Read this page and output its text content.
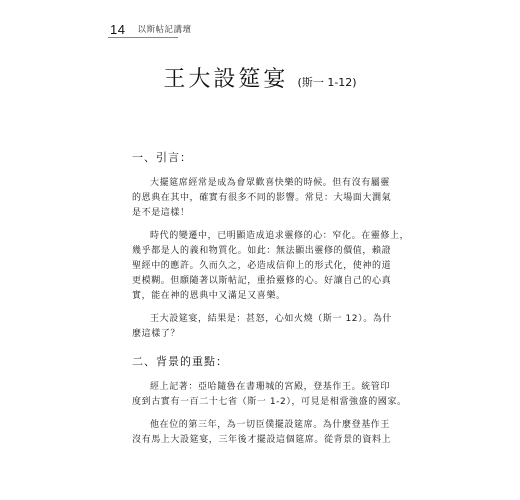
14 以斯帖記講壇
王大設筵宴 (斯一 1-12)
一、引言：

大擺筵席經常是成為會眾歡喜快樂的時候。但有沒有屬靈
的恩典在其中，確實有很多不同的影響。常見：大場面大澗氣
是不是這樣！

時代的變遷中，已明顯造成追求靈修的心：窄化。在靈修上，
幾乎都是人的義和物質化。如此：無法顯出靈修的價值，賴證
聖經中的應許。久而久之，必造成信仰上的形式化，使神的道
更模糊。但願隨著以斯帖記，重拾靈修的心。好讓自己的心真
實，能在神的恩典中又滿足又喜樂。

王大設筵宴，結果是：甚怒，心如火燒（斯一 12）。為什
麼這樣了？

二、背景的重點：

經上記著：亞哈隨魯在書珊城的宮殿，登基作王。統管印
度到古實有一百二十七省（斯一 1-2），可見是相當強盛的國家。

他在位的第三年，為一切臣僕擺設筵席。為什麼登基作王
沒有馬上大設筵宴，三年後才擺設這個筵席。從背景的資料上
